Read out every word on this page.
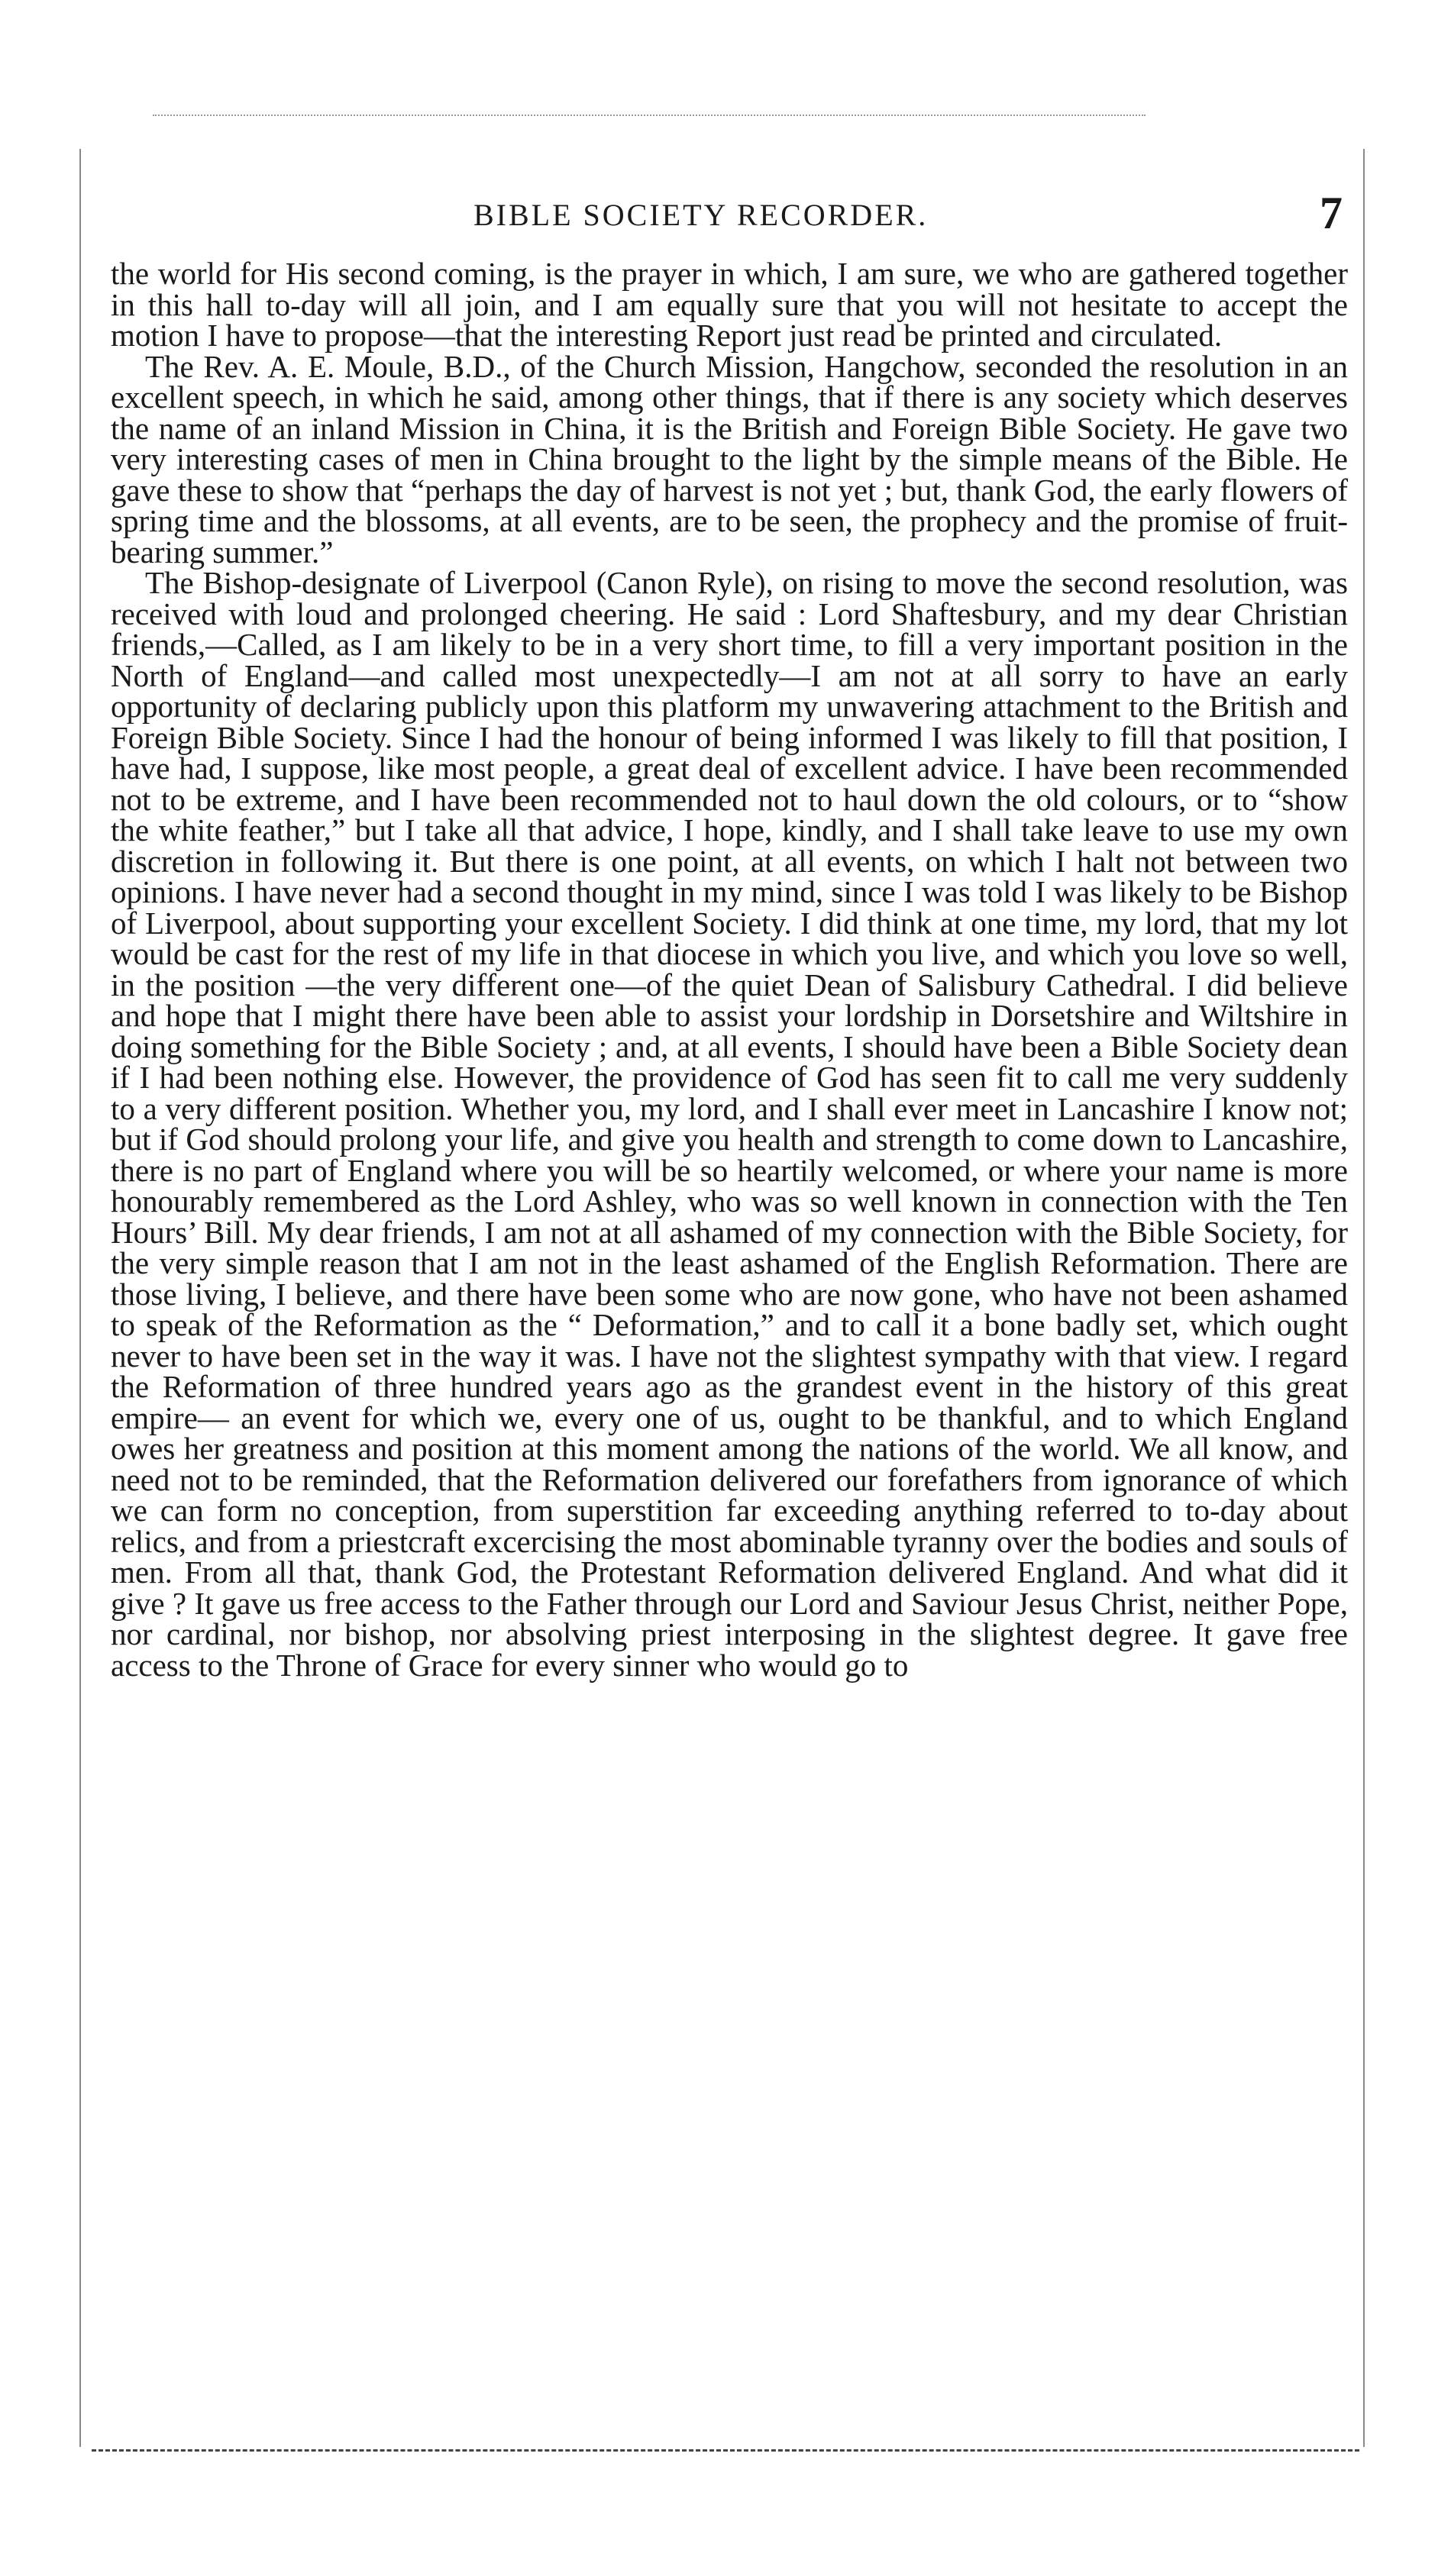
BIBLE SOCIETY RECORDER.	7

the world for His second coming, is the prayer in which, I am sure, we who are gathered together in this hall to-day will all join, and I am equally sure that you will not hesitate to accept the motion I have to propose—that the interesting Report just read be printed and circulated.

The Rev. A. E. Moule, B.D., of the Church Mission, Hangchow, seconded the resolution in an excellent speech, in which he said, among other things, that if there is any society which deserves the name of an inland Mission in China, it is the British and Foreign Bible Society. He gave two very interesting cases of men in China brought to the light by the simple means of the Bible. He gave these to show that “perhaps the day of harvest is not yet ; but, thank God, the early flowers of spring time and the blossoms, at all events, are to be seen, the prophecy and the promise of fruit-bearing summer.”

The Bishop-designate of Liverpool (Canon Ryle), on rising to move the second resolution, was received with loud and prolonged cheering. He said : Lord Shaftesbury, and my dear Christian friends,—Called, as I am likely to be in a very short time, to fill a very important position in the North of England—and called most unexpectedly—I am not at all sorry to have an early opportunity of declaring publicly upon this platform my unwavering attachment to the British and Foreign Bible Society. Since I had the honour of being informed I was likely to fill that position, I have had, I suppose, like most people, a great deal of excellent advice. I have been recommended not to be extreme, and I have been recommended not to haul down the old colours, or to “show the white feather,” but I take all that advice, I hope, kindly, and I shall take leave to use my own discretion in following it. But there is one point, at all events, on which I halt not between two opinions. I have never had a second thought in my mind, since I was told I was likely to be Bishop of Liverpool, about supporting your excellent Society. I did think at one time, my lord, that my lot would be cast for the rest of my life in that diocese in which you live, and which you love so well, in the position —the very different one—of the quiet Dean of Salisbury Cathedral. I did believe and hope that I might there have been able to assist your lordship in Dorsetshire and Wiltshire in doing something for the Bible Society ; and, at all events, I should have been a Bible Society dean if I had been nothing else. However, the providence of God has seen fit to call me very suddenly to a very different position. Whether you, my lord, and I shall ever meet in Lancashire I know not; but if God should prolong your life, and give you health and strength to come down to Lancashire, there is no part of England where you will be so heartily welcomed, or where your name is more honourably remembered as the Lord Ashley, who was so well known in connection with the Ten Hours’ Bill. My dear friends, I am not at all ashamed of my connection with the Bible Society, for the very simple reason that I am not in the least ashamed of the English Reformation. There are those living, I believe, and there have been some who are now gone, who have not been ashamed to speak of the Reformation as the “ Deformation,” and to call it a bone badly set, which ought never to have been set in the way it was. I have not the slightest sympathy with that view. I regard the Reformation of three hundred years ago as the grandest event in the history of this great empire— an event for which we, every one of us, ought to be thankful, and to which England owes her greatness and position at this moment among the nations of the world. We all know, and need not to be reminded, that the Reformation delivered our forefathers from ignorance of which we can form no conception, from superstition far exceeding anything referred to to-day about relics, and from a priestcraft excercising the most abominable tyranny over the bodies and souls of men. From all that, thank God, the Protestant Reformation delivered England. And what did it give ? It gave us free access to the Father through our Lord and Saviour Jesus Christ, neither Pope, nor cardinal, nor bishop, nor absolving priest interposing in the slightest degree. It gave free access to the Throne of Grace for every sinner who would go to
